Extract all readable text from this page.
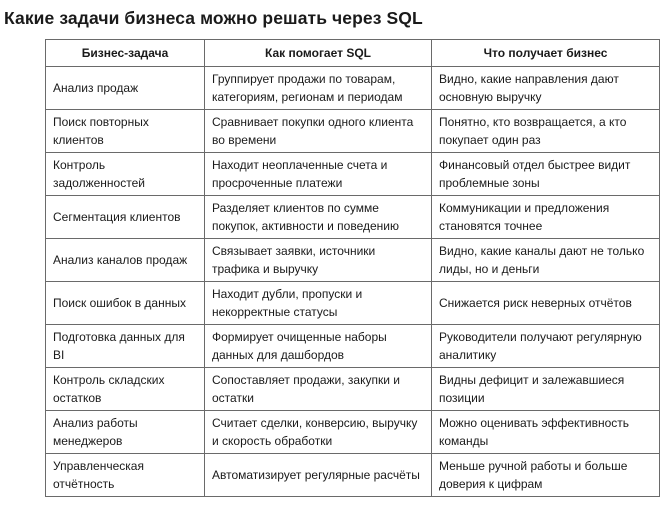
Какие задачи бизнеса можно решать через SQL
Бизнес-задача	Как помогает SQL	Что получает бизнес
Анализ продаж	Группирует продажи по товарам, категориям, регионам и периодам	Видно, какие направления дают основную выручку
Поиск повторных клиентов	Сравнивает покупки одного клиента во времени	Понятно, кто возвращается, а кто покупает один раз
Контроль задолженностей	Находит неоплаченные счета и просроченные платежи	Финансовый отдел быстрее видит проблемные зоны
Сегментация клиентов	Разделяет клиентов по сумме покупок, активности и поведению	Коммуникации и предложения становятся точнее
Анализ каналов продаж	Связывает заявки, источники трафика и выручку	Видно, какие каналы дают не только лиды, но и деньги
Поиск ошибок в данных	Находит дубли, пропуски и некорректные статусы	Снижается риск неверных отчётов
Подготовка данных для BI	Формирует очищенные наборы данных для дашбордов	Руководители получают регулярную аналитику
Контроль складских остатков	Сопоставляет продажи, закупки и остатки	Видны дефицит и залежавшиеся позиции
Анализ работы менеджеров	Считает сделки, конверсию, выручку и скорость обработки	Можно оценивать эффективность команды
Управленческая отчётность	Автоматизирует регулярные расчёты	Меньше ручной работы и больше доверия к цифрам
